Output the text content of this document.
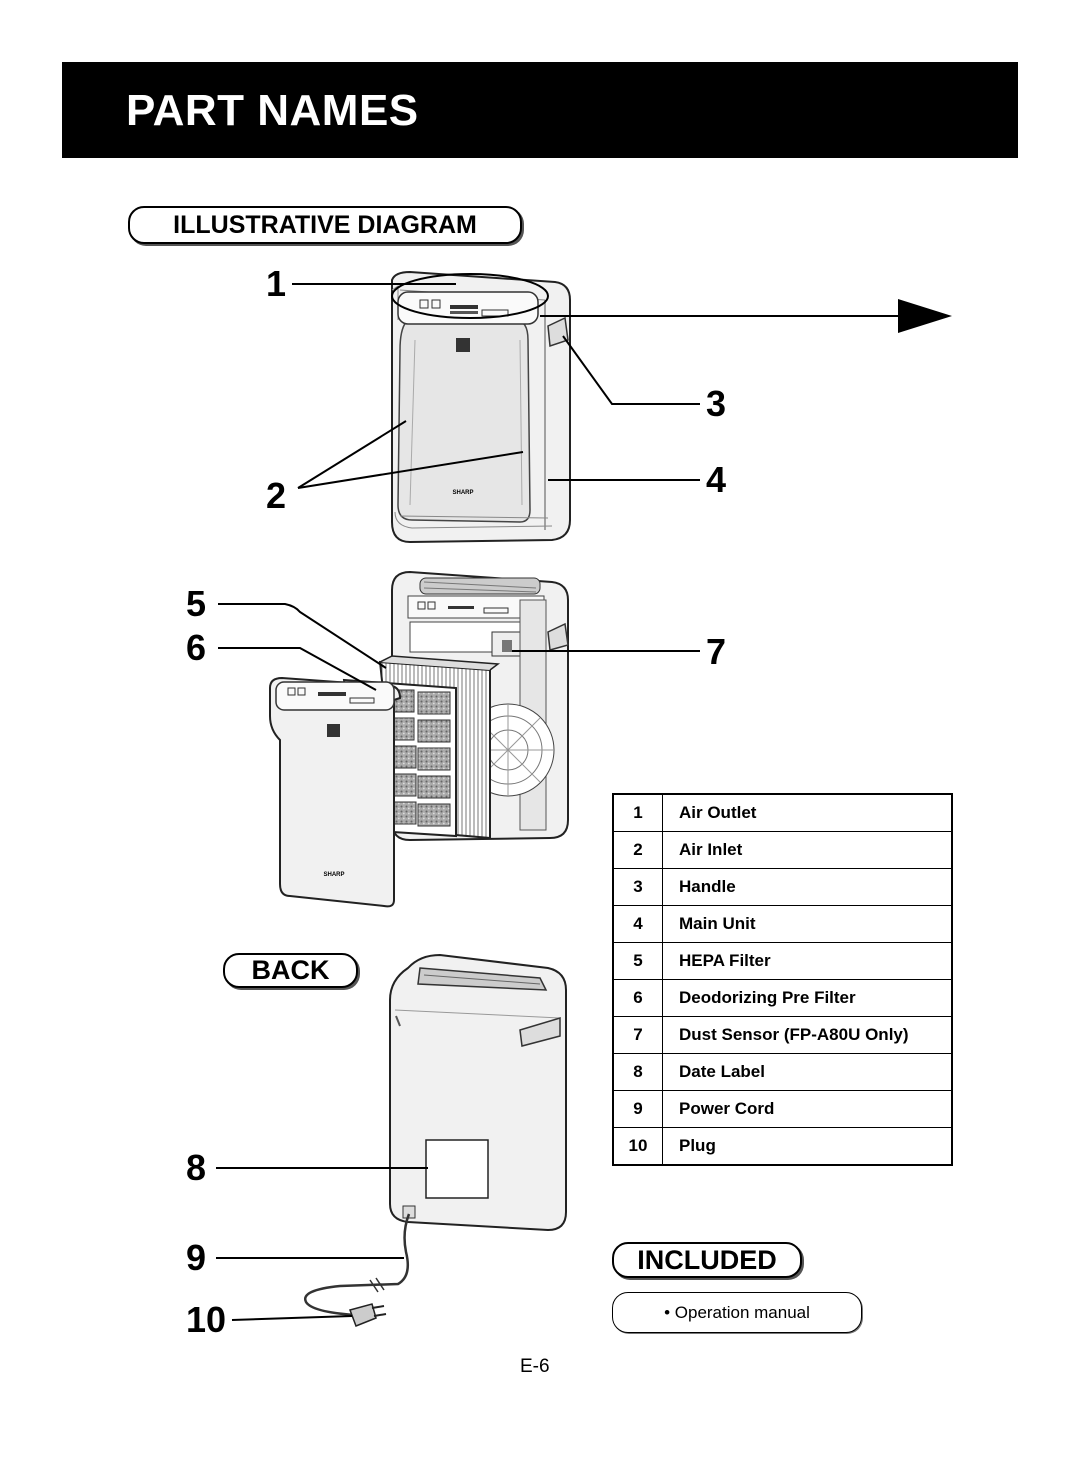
PART NAMES
ILLUSTRATIVE DIAGRAM
SHARP
SHARP
1
2
3
4
5
6	7
8
9
10
BACK
1	Air Outlet
2	Air Inlet
3	Handle
4	Main Unit
5	HEPA Filter
6	Deodorizing Pre Filter
7	Dust Sensor (FP-A80U Only)
8	Date Label
9	Power Cord
10	Plug
INCLUDED
• Operation manual
E-6
